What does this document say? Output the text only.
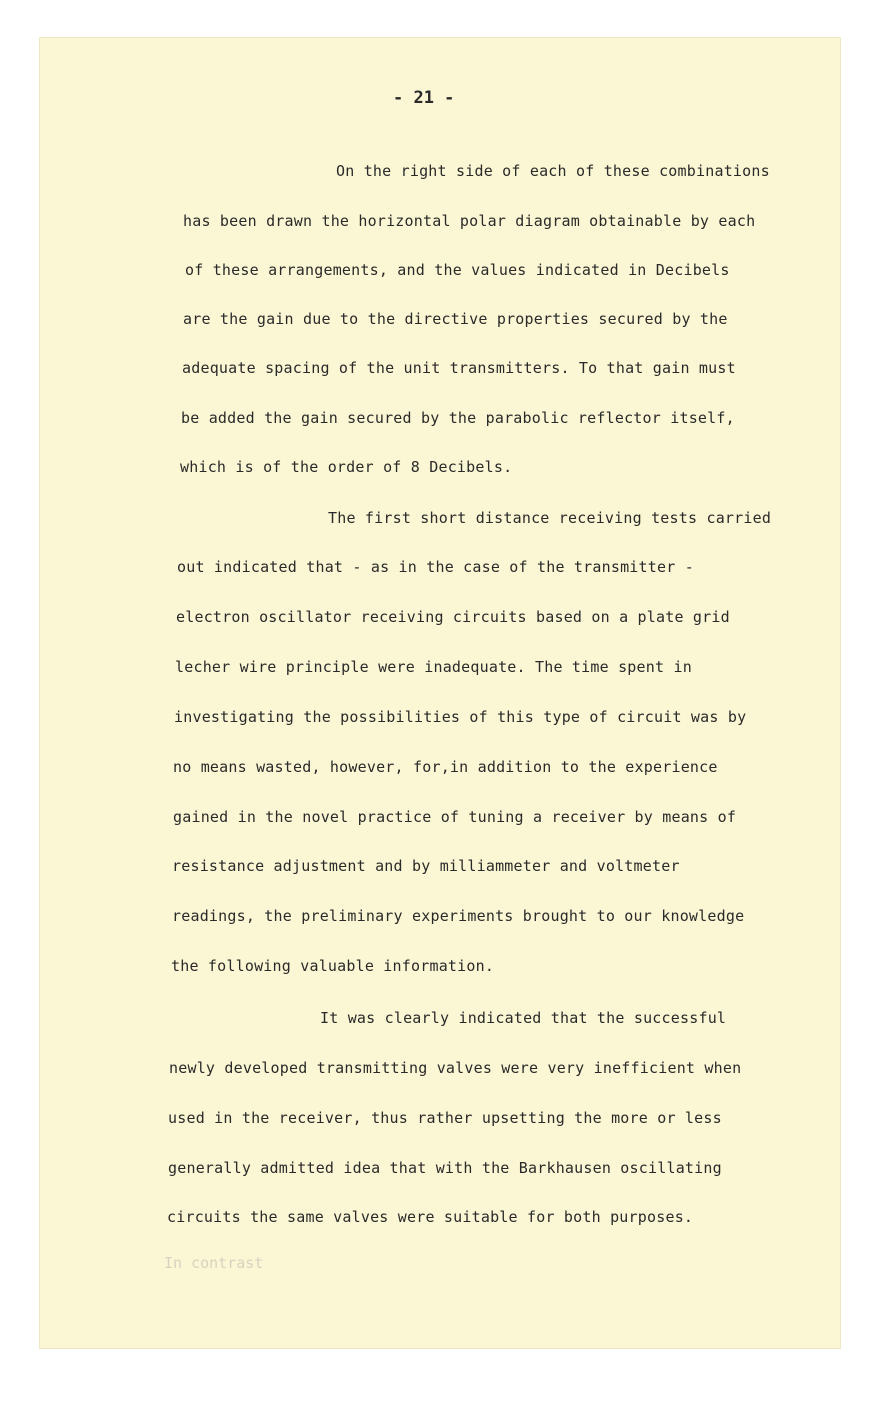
- 21 -
On the right side of each of these combinations
has been drawn the horizontal polar diagram obtainable by each
of these arrangements, and the values indicated in Decibels
are the gain due to the directive properties secured by the
adequate spacing of the unit transmitters. To that gain must
be added the gain secured by the parabolic reflector itself,
which is of the order of 8 Decibels.
The first short distance receiving tests carried
out indicated that - as in the case of the transmitter -
electron oscillator receiving circuits based on a plate grid
lecher wire principle were inadequate. The time spent in
investigating the possibilities of this type of circuit was by
no means wasted, however, for,in addition to the experience
gained in the novel practice of tuning a receiver by means of
resistance adjustment and by milliammeter and voltmeter
readings, the preliminary experiments brought to our knowledge
the following valuable information.
It was clearly indicated that the successful
newly developed transmitting valves were very inefficient when
used in the receiver, thus rather upsetting the more or less
generally admitted idea that with the Barkhausen oscillating
circuits the same valves were suitable for both purposes.
In contrast
